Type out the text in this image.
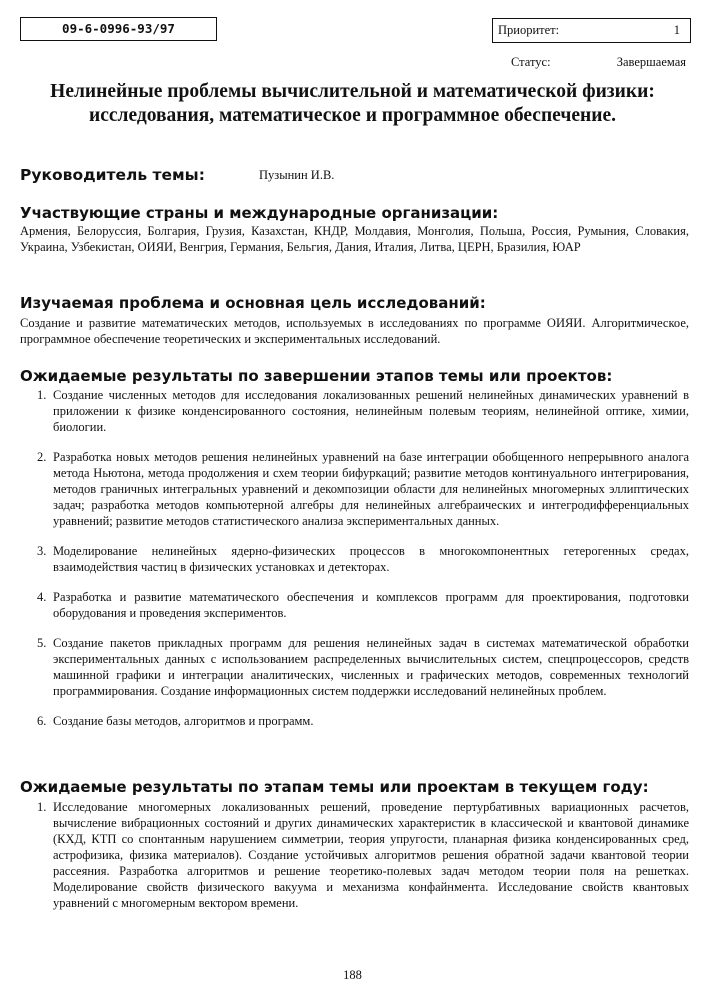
09-6-0996-93/97	Приоритет:	1
Статус:	Завершаемая
Нелинейные проблемы вычислительной и математической физики: исследования, математическое и программное обеспечение.
Руководитель темы:	Пузынин И.В.
Участвующие страны и международные организации:

Армения, Белоруссия, Болгария, Грузия, Казахстан, КНДР, Молдавия, Монголия, Польша, Россия, Румыния, Словакия, Украина, Узбекистан, ОИЯИ, Венгрия, Германия, Бельгия, Дания, Италия, Литва, ЦЕРН, Бразилия, ЮАР

Изучаемая проблема и основная цель исследований:

Создание и развитие математических методов, используемых в исследованиях по программе ОИЯИ. Алгоритмическое, программное обеспечение теоретических и экспериментальных исследований.

Ожидаемые результаты по завершении этапов темы или проектов:
1. Создание численных методов для исследования локализованных решений нелинейных динамических уравнений в приложении к физике конденсированного состояния, нелинейным полевым теориям, нелинейной оптике, химии, биологии.
2. Разработка новых методов решения нелинейных уравнений на базе интеграции обобщенного непрерывного аналога метода Ньютона, метода продолжения и схем теории бифуркаций; развитие методов континуального интегрирования, методов граничных интегральных уравнений и декомпозиции области для нелинейных многомерных эллиптических задач; разработка методов компьютерной алгебры для нелинейных алгебраических и интегродифференциальных уравнений; развитие методов статистического анализа экспериментальных данных.
3. Моделирование нелинейных ядерно-физических процессов в многокомпонентных гетерогенных средах, взаимодействия частиц в физических установках и детекторах.
4. Разработка и развитие математического обеспечения и комплексов программ для проектирования, подготовки оборудования и проведения экспериментов.
5. Создание пакетов прикладных программ для решения нелинейных задач в системах математической обработки экспериментальных данных с использованием распределенных вычислительных систем, спецпроцессоров, средств машинной графики и интеграции аналитических, численных и графических методов, современных технологий программирования. Создание информационных систем поддержки исследований нелинейных проблем.
6. Создание базы методов, алгоритмов и программ.
Ожидаемые результаты по этапам темы или проектам в текущем году:
1. Исследование многомерных локализованных решений, проведение пертурбативных вариационных расчетов, вычисление вибрационных состояний и других динамических характеристик в классической и квантовой динамике (КХД, КТП со спонтанным нарушением симметрии, теория упругости, планарная физика конденсированных сред, астрофизика, физика материалов). Создание устойчивых алгоритмов решения обратной задачи квантовой теории рассеяния. Разработка алгоритмов и решение теоретико-полевых задач методом теории поля на решетках. Моделирование свойств физического вакуума и механизма конфайнмента. Исследование свойств квантовых уравнений с многомерным вектором времени.
188
